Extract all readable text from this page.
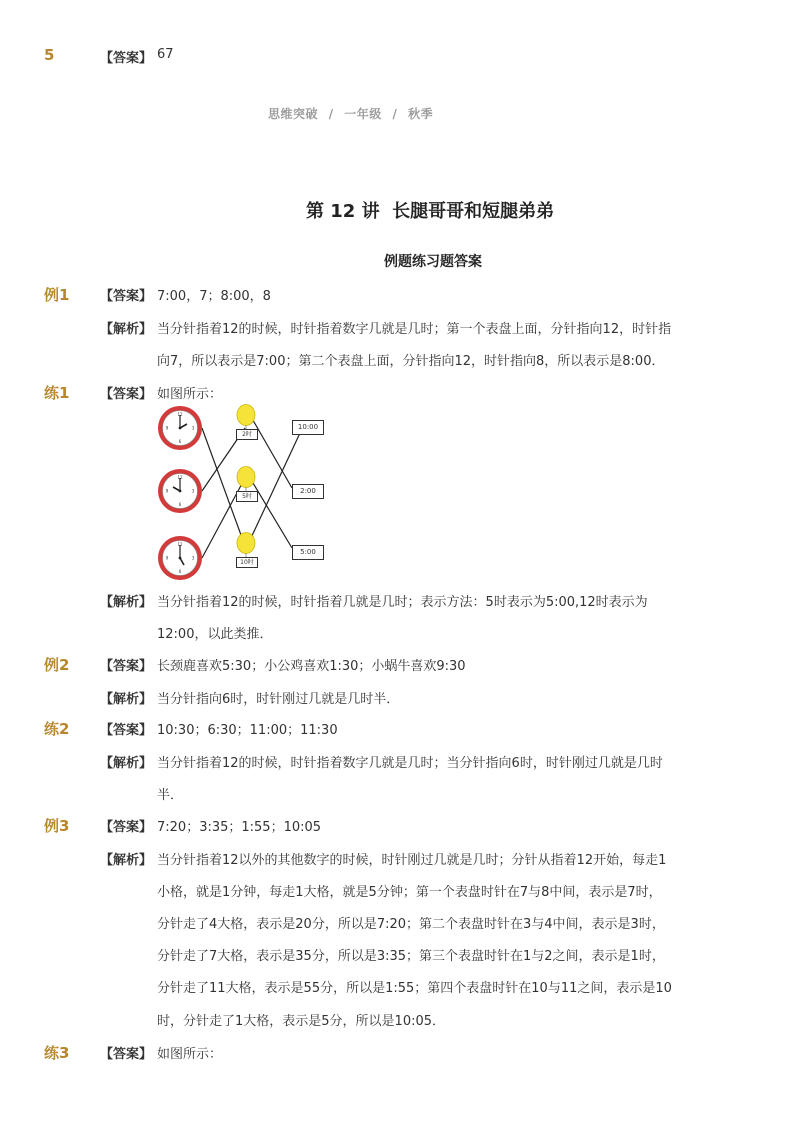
5	【答案】 67
思维突破 / 一年级 / 秋季
第 12 讲  长腿哥哥和短腿弟弟
例题练习题答案
例1 【答案】 7:00，7；8:00，8
【解析】 当分针指着12的时候，时针指着数字几就是几时；第一个表盘上面，分针指向12，时针指
向7，所以表示是7:00；第二个表盘上面，分针指向12，时针指向8，所以表示是8:00．
练1 【答案】 如图所示：
12
3
6
9
12
3
6
9
12
3
6
9
2时
5时
10时
10:00
2:00
5:00
【解析】 当分针指着12的时候，时针指着几就是几时；表示方法：5时表示为5:00,12时表示为
12:00，以此类推．
例2 【答案】 长颈鹿喜欢5:30；小公鸡喜欢1:30；小蜗牛喜欢9:30
【解析】 当分针指向6时，时针刚过几就是几时半．
练2 【答案】 10:30；6:30；11:00；11:30
【解析】 当分针指着12的时候，时针指着数字几就是几时；当分针指向6时，时针刚过几就是几时
半．
例3 【答案】 7:20；3:35；1:55；10:05
【解析】 当分针指着12以外的其他数字的时候，时针刚过几就是几时；分针从指着12开始，每走1
小格，就是1分钟，每走1大格，就是5分钟；第一个表盘时针在7与8中间，表示是7时，
分针走了4大格，表示是20分，所以是7:20；第二个表盘时针在3与4中间，表示是3时，
分针走了7大格，表示是35分，所以是3:35；第三个表盘时针在1与2之间，表示是1时，
分针走了11大格，表示是55分，所以是1:55；第四个表盘时针在10与11之间，表示是10
时，分针走了1大格，表示是5分，所以是10:05．
练3 【答案】 如图所示：
